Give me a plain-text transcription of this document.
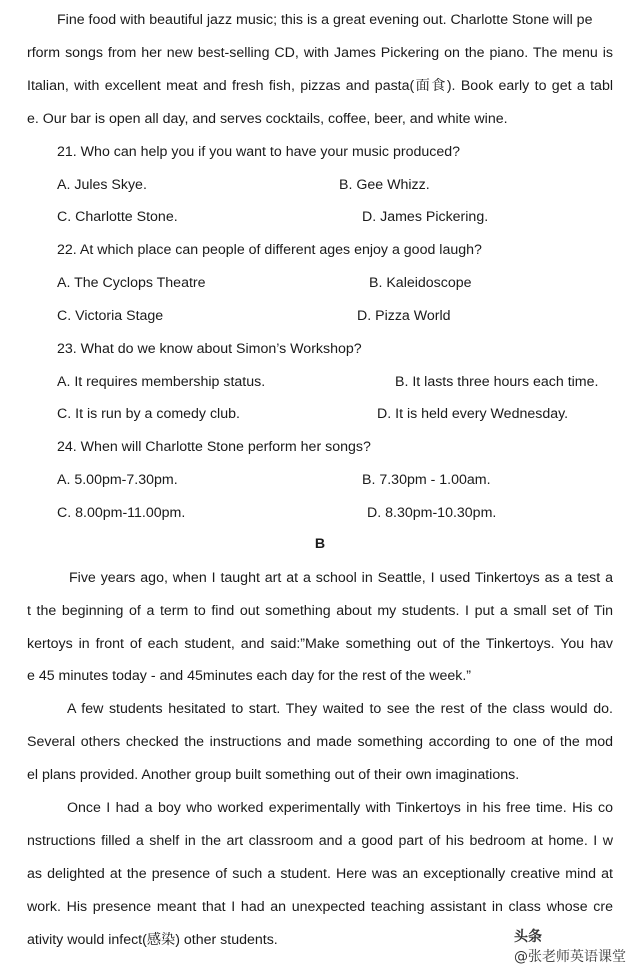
Fine food with beautiful jazz music; this is a great evening out. Charlotte Stone will pe
rform songs from her new best-selling CD, with James Pickering on the piano. The menu is
Italian, with excellent meat and fresh fish, pizzas and pasta(面食). Book early to get a tabl
e. Our bar is open all day, and serves cocktails, coffee, beer, and white wine.
21. Who can help you if you want to have your music produced?
A. Jules Skye.	B. Gee Whizz.
C. Charlotte Stone.	D. James Pickering.
22. At which place can people of different ages enjoy a good laugh?
A. The Cyclops Theatre	B. Kaleidoscope
C. Victoria Stage	D. Pizza World
23. What do we know about Simon’s Workshop?
A. It requires membership status.	B. It lasts three hours each time.
C. It is run by a comedy club.	D. It is held every Wednesday.
24. When will Charlotte Stone perform her songs?
A. 5.00pm-7.30pm.	B. 7.30pm - 1.00am.
C. 8.00pm-11.00pm.	D. 8.30pm-10.30pm.
B
Five years ago, when I taught art at a school in Seattle, I used Tinkertoys as a test a
t the beginning of a term to find out something about my students. I put a small set of Tin
kertoys in front of each student, and said:”Make something out of the Tinkertoys. You hav
e 45 minutes today - and 45minutes each day for the rest of the week.”
A few students hesitated to start. They waited to see the rest of the class would do.
Several others checked the instructions and made something according to one of the mod
el plans provided. Another group built something out of their own imaginations.
Once I had a boy who worked experimentally with Tinkertoys in his free time. His co
nstructions filled a shelf in the art classroom and a good part of his bedroom at home. I w
as delighted at the presence of such a student. Here was an exceptionally creative mind at
work. His presence meant that I had an unexpected teaching assistant in class whose cre
ativity would infect(感染) other students.	头条
@张老师英语课堂
